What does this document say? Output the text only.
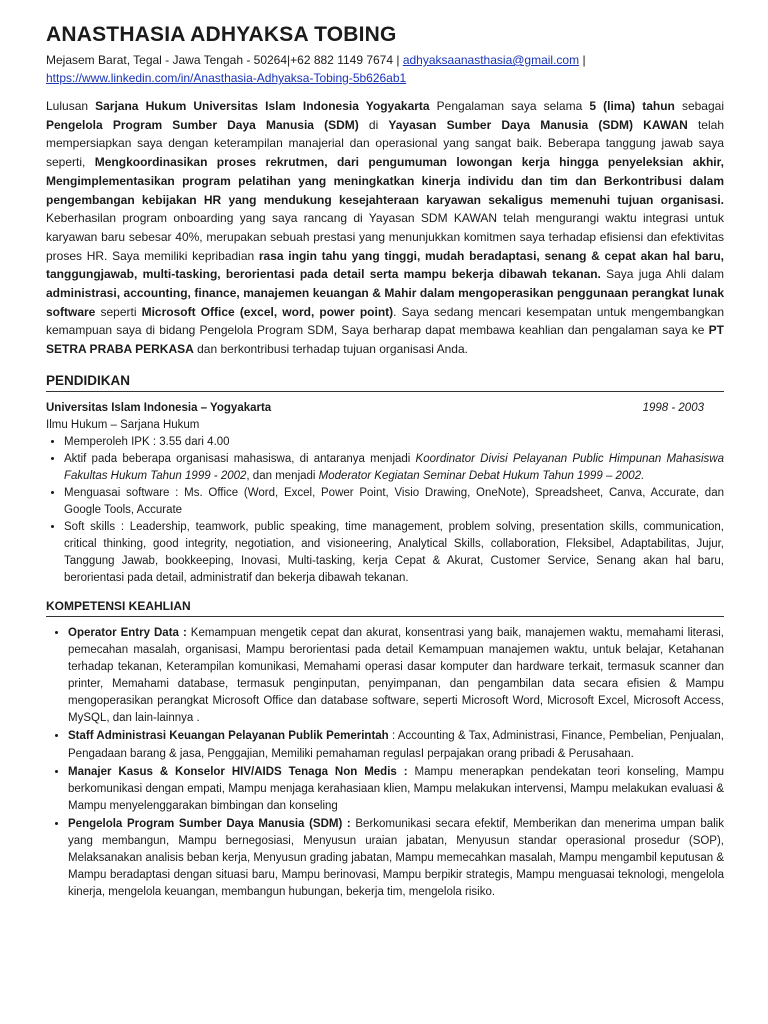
ANASTHASIA ADHYAKSA TOBING
Mejasem Barat, Tegal - Jawa Tengah - 50264|+62 882 1149 7674 | adhyaksaanasthasia@gmail.com |
https://www.linkedin.com/in/Anasthasia-Adhyaksa-Tobing-5b626ab1
Lulusan Sarjana Hukum Universitas Islam Indonesia Yogyakarta Pengalaman saya selama 5 (lima) tahun sebagai Pengelola Program Sumber Daya Manusia (SDM) di Yayasan Sumber Daya Manusia (SDM) KAWAN telah mempersiapkan saya dengan keterampilan manajerial dan operasional yang sangat baik. Beberapa tanggung jawab saya seperti, Mengkoordinasikan proses rekrutmen, dari pengumuman lowongan kerja hingga penyeleksian akhir, Mengimplementasikan program pelatihan yang meningkatkan kinerja individu dan tim dan Berkontribusi dalam pengembangan kebijakan HR yang mendukung kesejahteraan karyawan sekaligus memenuhi tujuan organisasi. Keberhasilan program onboarding yang saya rancang di Yayasan SDM KAWAN telah mengurangi waktu integrasi untuk karyawan baru sebesar 40%, merupakan sebuah prestasi yang menunjukkan komitmen saya terhadap efisiensi dan efektivitas proses HR. Saya memiliki kepribadian rasa ingin tahu yang tinggi, mudah beradaptasi, senang & cepat akan hal baru, tanggungjawab, multi-tasking, berorientasi pada detail serta mampu bekerja dibawah tekanan. Saya juga Ahli dalam administrasi, accounting, finance, manajemen keuangan & Mahir dalam mengoperasikan penggunaan perangkat lunak software seperti Microsoft Office (excel, word, power point). Saya sedang mencari kesempatan untuk mengembangkan kemampuan saya di bidang Pengelola Program SDM, Saya berharap dapat membawa keahlian dan pengalaman saya ke PT SETRA PRABA PERKASA dan berkontribusi terhadap tujuan organisasi Anda.
PENDIDIKAN
Universitas Islam Indonesia – Yogyakarta	1998 - 2003
Ilmu Hukum – Sarjana Hukum
• Memperoleh IPK : 3.55 dari 4.00
• Aktif pada beberapa organisasi mahasiswa, di antaranya menjadi Koordinator Divisi Pelayanan Public Himpunan Mahasiswa Fakultas Hukum Tahun 1999 - 2002, dan menjadi Moderator Kegiatan Seminar Debat Hukum Tahun 1999 – 2002.
• Menguasai software : Ms. Office (Word, Excel, Power Point, Visio Drawing, OneNote), Spreadsheet, Canva, Accurate, dan Google Tools, Accurate
• Soft skills : Leadership, teamwork, public speaking, time management, problem solving, presentation skills, communication, critical thinking, good integrity, negotiation, and visioneering, Analytical Skills, collaboration, Fleksibel, Adaptabilitas, Jujur, Tanggung Jawab, bookkeeping, Inovasi, Multi-tasking, kerja Cepat & Akurat, Customer Service, Senang akan hal baru, berorientasi pada detail, administratif dan bekerja dibawah tekanan.
KOMPETENSI KEAHLIAN
• Operator Entry Data : Kemampuan mengetik cepat dan akurat, konsentrasi yang baik, manajemen waktu, memahami literasi, pemecahan masalah, organisasi, Mampu berorientasi pada detail Kemampuan manajemen waktu, untuk belajar, Ketahanan terhadap tekanan, Keterampilan komunikasi, Memahami operasi dasar komputer dan hardware terkait, termasuk scanner dan printer, Memahami database, termasuk penginputan, penyimpanan, dan pengambilan data secara efisien & Mampu mengoperasikan perangkat Microsoft Office dan database software, seperti Microsoft Word, Microsoft Excel, Microsoft Access, MySQL, dan lain-lainnya .
• Staff Administrasi Keuangan Pelayanan Publik Pemerintah : Accounting & Tax, Administrasi, Finance, Pembelian, Penjualan, Pengadaan barang & jasa, Penggajian, Memiliki pemahaman regulasI perpajakan orang pribadi & Perusahaan.
• Manajer Kasus & Konselor HIV/AIDS Tenaga Non Medis : Mampu menerapkan pendekatan teori konseling, Mampu berkomunikasi dengan empati, Mampu menjaga kerahasiaan klien, Mampu melakukan intervensi, Mampu melakukan evaluasi & Mampu menyelenggarakan bimbingan dan konseling
• Pengelola Program Sumber Daya Manusia (SDM) : Berkomunikasi secara efektif, Memberikan dan menerima umpan balik yang membangun, Mampu bernegosiasi, Menyusun uraian jabatan, Menyusun standar operasional prosedur (SOP), Melaksanakan analisis beban kerja, Menyusun grading jabatan, Mampu memecahkan masalah, Mampu mengambil keputusan & Mampu beradaptasi dengan situasi baru, Mampu berinovasi, Mampu berpikir strategis, Mampu menguasai teknologi, mengelola kinerja, mengelola keuangan, membangun hubungan, bekerja tim, mengelola risiko.
